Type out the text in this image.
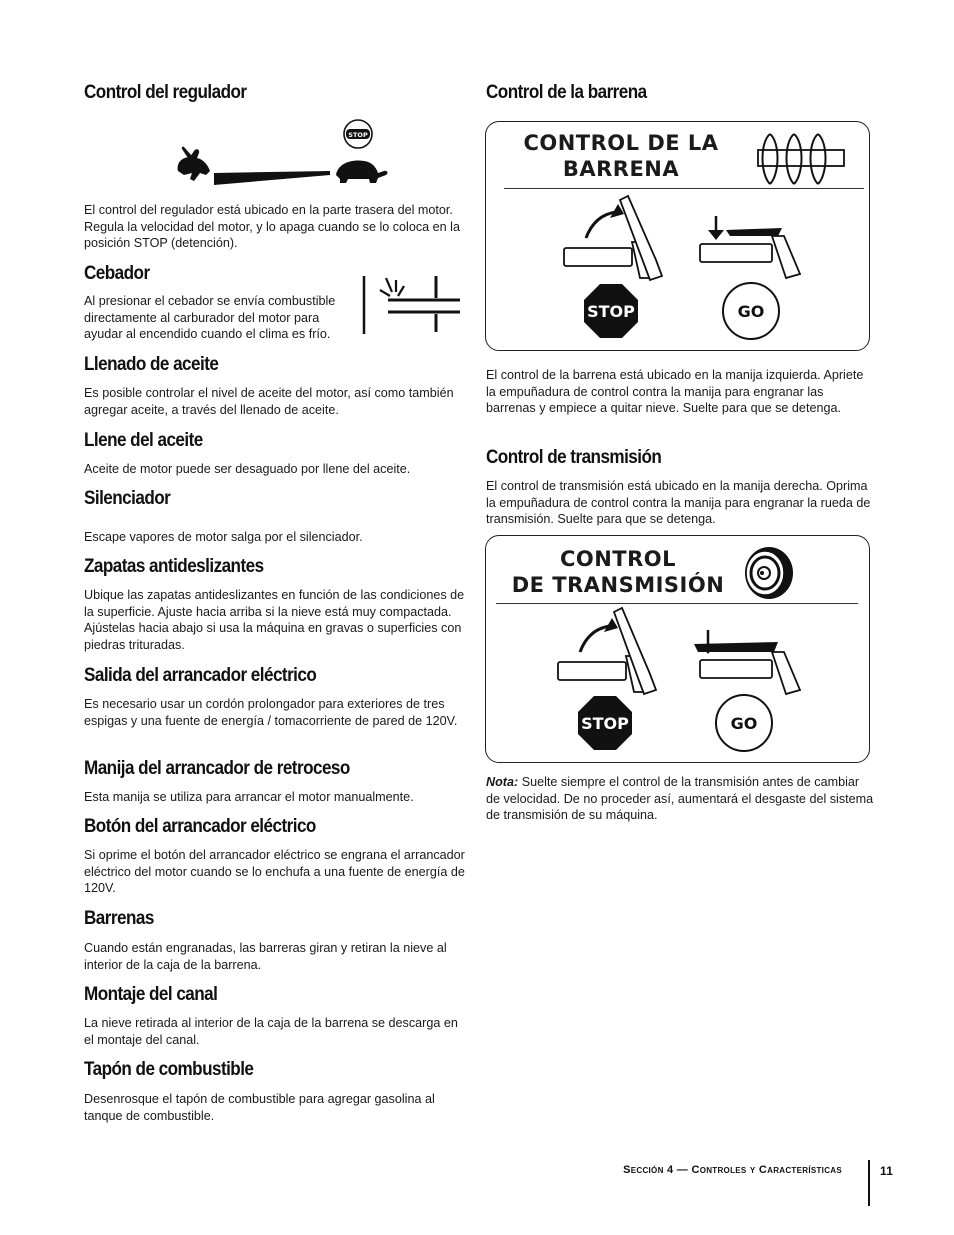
Control del regulador
STOP

El control del regulador está ubicado en la parte trasera del motor. Regula la velocidad del motor, y lo apaga cuando se lo coloca en la posición STOP (detención).

Cebador

Al presionar el cebador se envía combustible directamente al carburador del motor para ayudar al encendido cuando el clima es frío.

Llenado de aceite

Es posible controlar el nivel de aceite del motor, así como también agregar aceite, a través del llenado de aceite.

Llene del aceite

Aceite de motor puede ser desaguado por llene del aceite.

Silenciador

Escape vapores de motor salga por el silenciador.

Zapatas antideslizantes

Ubique las zapatas antideslizantes en función de las condiciones de la superficie. Ajuste hacia arriba si la nieve está muy compactada. Ajústelas hacia abajo si usa la máquina en gravas o superficies con piedras trituradas.

Salida del arrancador eléctrico

Es necesario usar un cordón prolongador para exteriores de tres espigas y una fuente de energía / tomacorriente de pared de 120V.

Manija del arrancador de retroceso

Esta manija se utiliza para arrancar el motor manualmente.

Botón del arrancador eléctrico

Si oprime el botón del arrancador eléctrico se engrana el arrancador eléctrico del motor cuando se lo enchufa a una fuente de energía de 120V.

Barrenas

Cuando están engranadas, las barreras giran y retiran la nieve al interior de la caja de la barrena.

Montaje del canal

La nieve retirada al interior de la caja de la barrena se descarga en el montaje del canal.

Tapón de combustible

Desenrosque el tapón de combustible para agregar gasolina al tanque de combustible.

Control de la barrena
CONTROL DE LA
BARRENA
STOP	GO

El control de la barrena está ubicado en la manija izquierda. Apriete la empuñadura de control contra la manija para engranar las barrenas y empiece a quitar nieve. Suelte para que se detenga.

Control de transmisión

El control de transmisión está ubicado en la manija derecha. Oprima la empuñadura de control contra la manija para engranar la rueda de transmisión. Suelte para que se detenga.

CONTROL
DE TRANSMISIÓN
STOP	GO

Nota: Suelte siempre el control de la transmisión antes de cambiar de velocidad. De no proceder así, aumentará el desgaste del sistema de transmisión de su máquina.

Sección 4 — Controles y Características	11
